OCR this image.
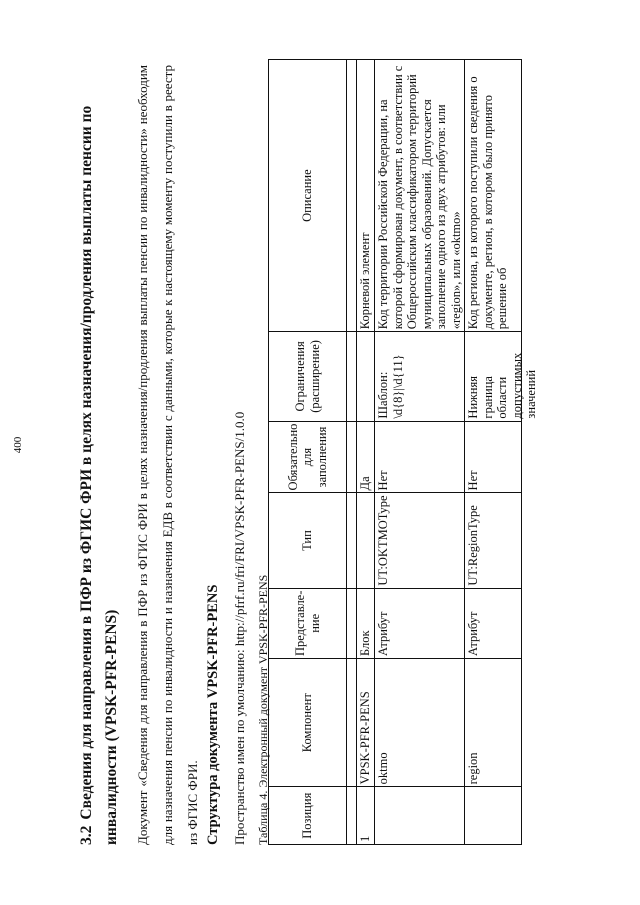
400
3.2Сведения для направления в ПФР из ФГИС ФРИ в целях назначения/продления выплаты пенсии по инвалидности (VPSK-PFR-PENS)	Документ «Сведения для направления в ПФР из ФГИС ФРИ в целях назначения/продления выплаты пенсии по инвалидности» необходим для назначения пенсии по инвалидности и назначения ЕДВ в соответствии с данными, которые к настоящему моменту поступили в реестр из ФГИС ФРИ. Структура документа VPSK-PFR-PENS Пространство имен по умолчанию: http://pfrf.ru/fri/FRI/VPSK-PFR-PENS/1.0.0 Таблица 4. Электронный документ VPSK-PFR-PENS Позиция	Компонент	Представле-ние	Тип	Обязательно для заполнения	Ограничения (расширение)	Описание

1	VPSK-PFR-PENS	Блок		Да		Корневой элемент
	oktmo	Атрибут	UT:OKTMOType	Нет	Шаблон: \d{8}|\d{11}	Код территории Российской Федерации, на которой сформирован документ, в соответствии с Общероссийским классификатором территорий муниципальных образований. Допускается заполнение одного из двух атрибутов: или «region», или «oktmo»
	region	Атрибут	UT:RegionType	Нет	Нижняя граница области допустимых значений	Код региона, из которого поступили сведения о документе, регион, в котором было принято решение об
